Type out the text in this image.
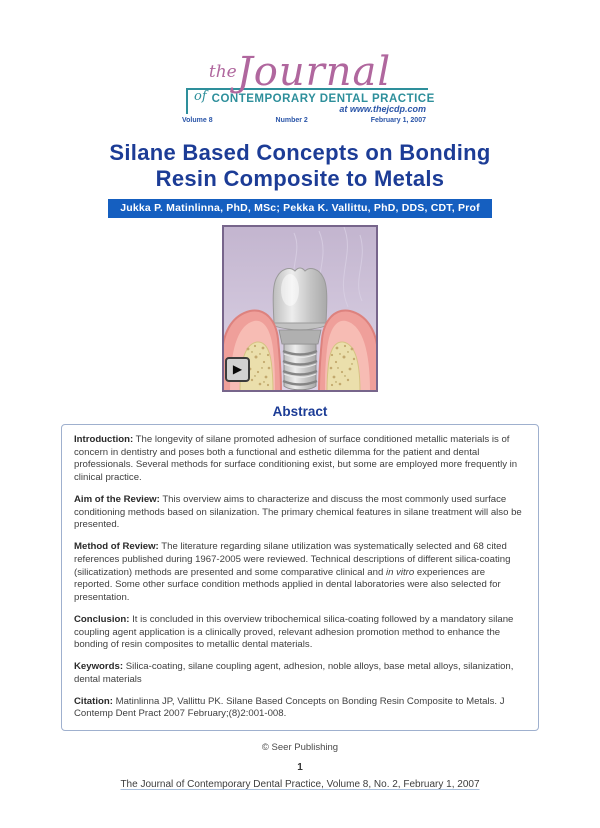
theJournal
of CONTEMPORARY DENTAL PRACTICE
at www.thejcdp.com
Volume 8	Number 2	February 1, 2007
Silane Based Concepts on Bonding
Resin Composite to Metals
Jukka P. Matinlinna, PhD, MSc; Pekka K. Vallittu, PhD, DDS, CDT, Prof
▶
Abstract

Introduction: The longevity of silane promoted adhesion of surface conditioned metallic materials is of concern in dentistry and poses both a functional and esthetic dilemma for the patient and dental professionals. Several methods for surface conditioning exist, but some are employed more frequently in clinical practice.

Aim of the Review: This overview aims to characterize and discuss the most commonly used surface conditioning methods based on silanization. The primary chemical features in silane treatment will also be presented.

Method of Review: The literature regarding silane utilization was systematically selected and 68 cited references published during 1967-2005 were reviewed. Technical descriptions of different silica-coating (silicatization) methods are presented and some comparative clinical and in vitro experiences are reported. Some other surface condition methods applied in dental laboratories were also selected for presentation.

Conclusion: It is concluded in this overview tribochemical silica-coating followed by a mandatory silane coupling agent application is a clinically proved, relevant adhesion promotion method to enhance the bonding of resin composites to metallic dental materials.

Keywords: Silica-coating, silane coupling agent, adhesion, noble alloys, base metal alloys, silanization, dental materials

Citation: Matinlinna JP, Vallittu PK. Silane Based Concepts on Bonding Resin Composite to Metals. J Contemp Dent Pract 2007 February;(8)2:001-008.

© Seer Publishing
1
The Journal of Contemporary Dental Practice, Volume 8, No. 2, February 1, 2007
